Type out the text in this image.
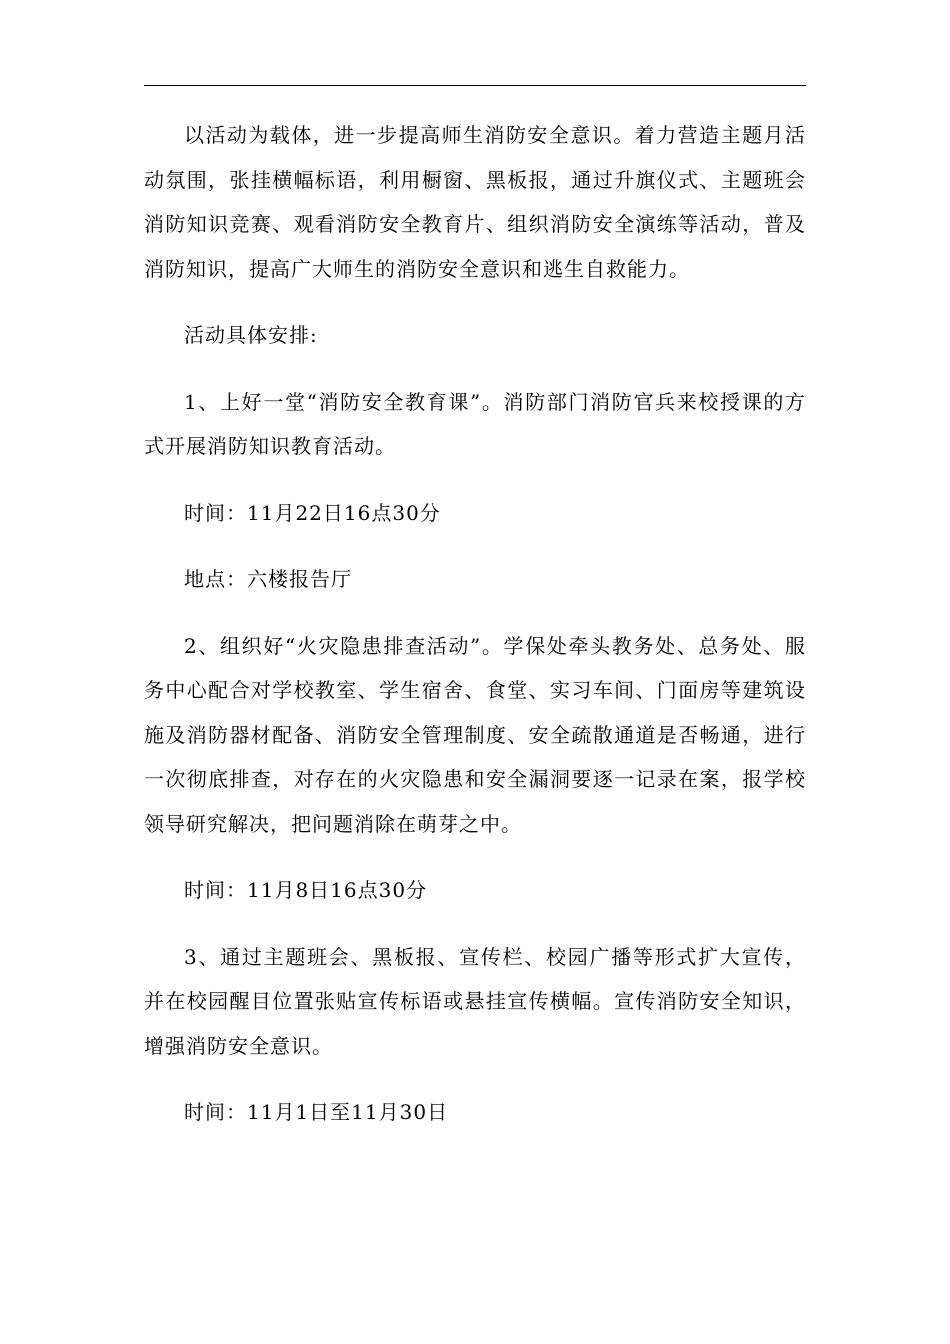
以活动为载体，进一步提高师生消防安全意识。着力营造主题月活动氛围，张挂横幅标语，利用橱窗、黑板报，通过升旗仪式、主题班会消防知识竞赛、观看消防安全教育片、组织消防安全演练等活动，普及消防知识，提高广大师生的消防安全意识和逃生自救能力。

活动具体安排:

1、上好一堂“消防安全教育课”。消防部门消防官兵来校授课的方式开展消防知识教育活动。

时间：11月22日16点30分

地点：六楼报告厅

2、组织好“火灾隐患排查活动”。学保处牵头教务处、总务处、服务中心配合对学校教室、学生宿舍、食堂、实习车间、门面房等建筑设施及消防器材配备、消防安全管理制度、安全疏散通道是否畅通，进行一次彻底排查，对存在的火灾隐患和安全漏洞要逐一记录在案，报学校领导研究解决，把问题消除在萌芽之中。

时间：11月8日16点30分

3、通过主题班会、黑板报、宣传栏、校园广播等形式扩大宣传，并在校园醒目位置张贴宣传标语或悬挂宣传横幅。宣传消防安全知识，增强消防安全意识。

时间：11月1日至11月30日
